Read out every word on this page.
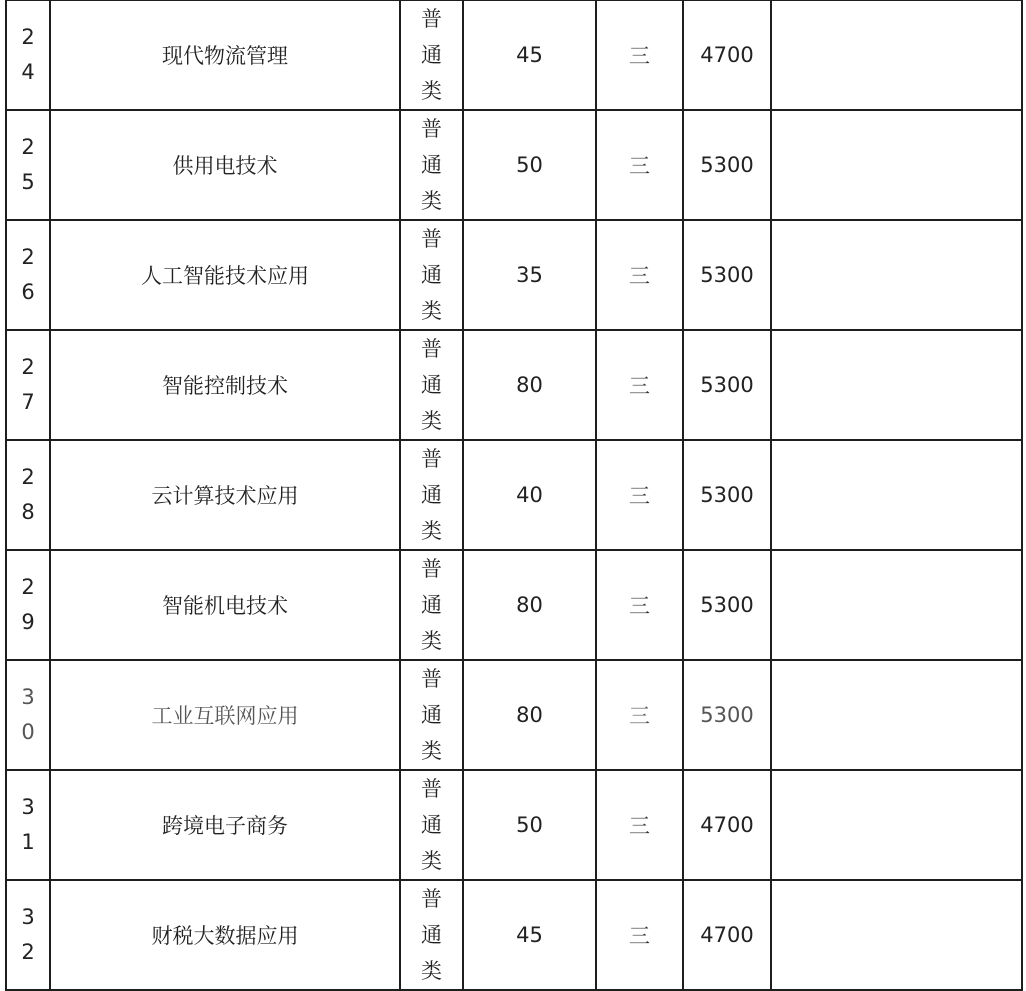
24	现代物流管理	普通类	45	三	4700	

25	供用电技术	普通类	50	三	5300	

26	人工智能技术应用	普通类	35	三	5300	

27	智能控制技术	普通类	80	三	5300	

28	云计算技术应用	普通类	40	三	5300	

29	智能机电技术	普通类	80	三	5300	

30	工业互联网应用	普通类	80	三	5300	

31	跨境电子商务	普通类	50	三	4700	

32	财税大数据应用	普通类	45	三	4700	
